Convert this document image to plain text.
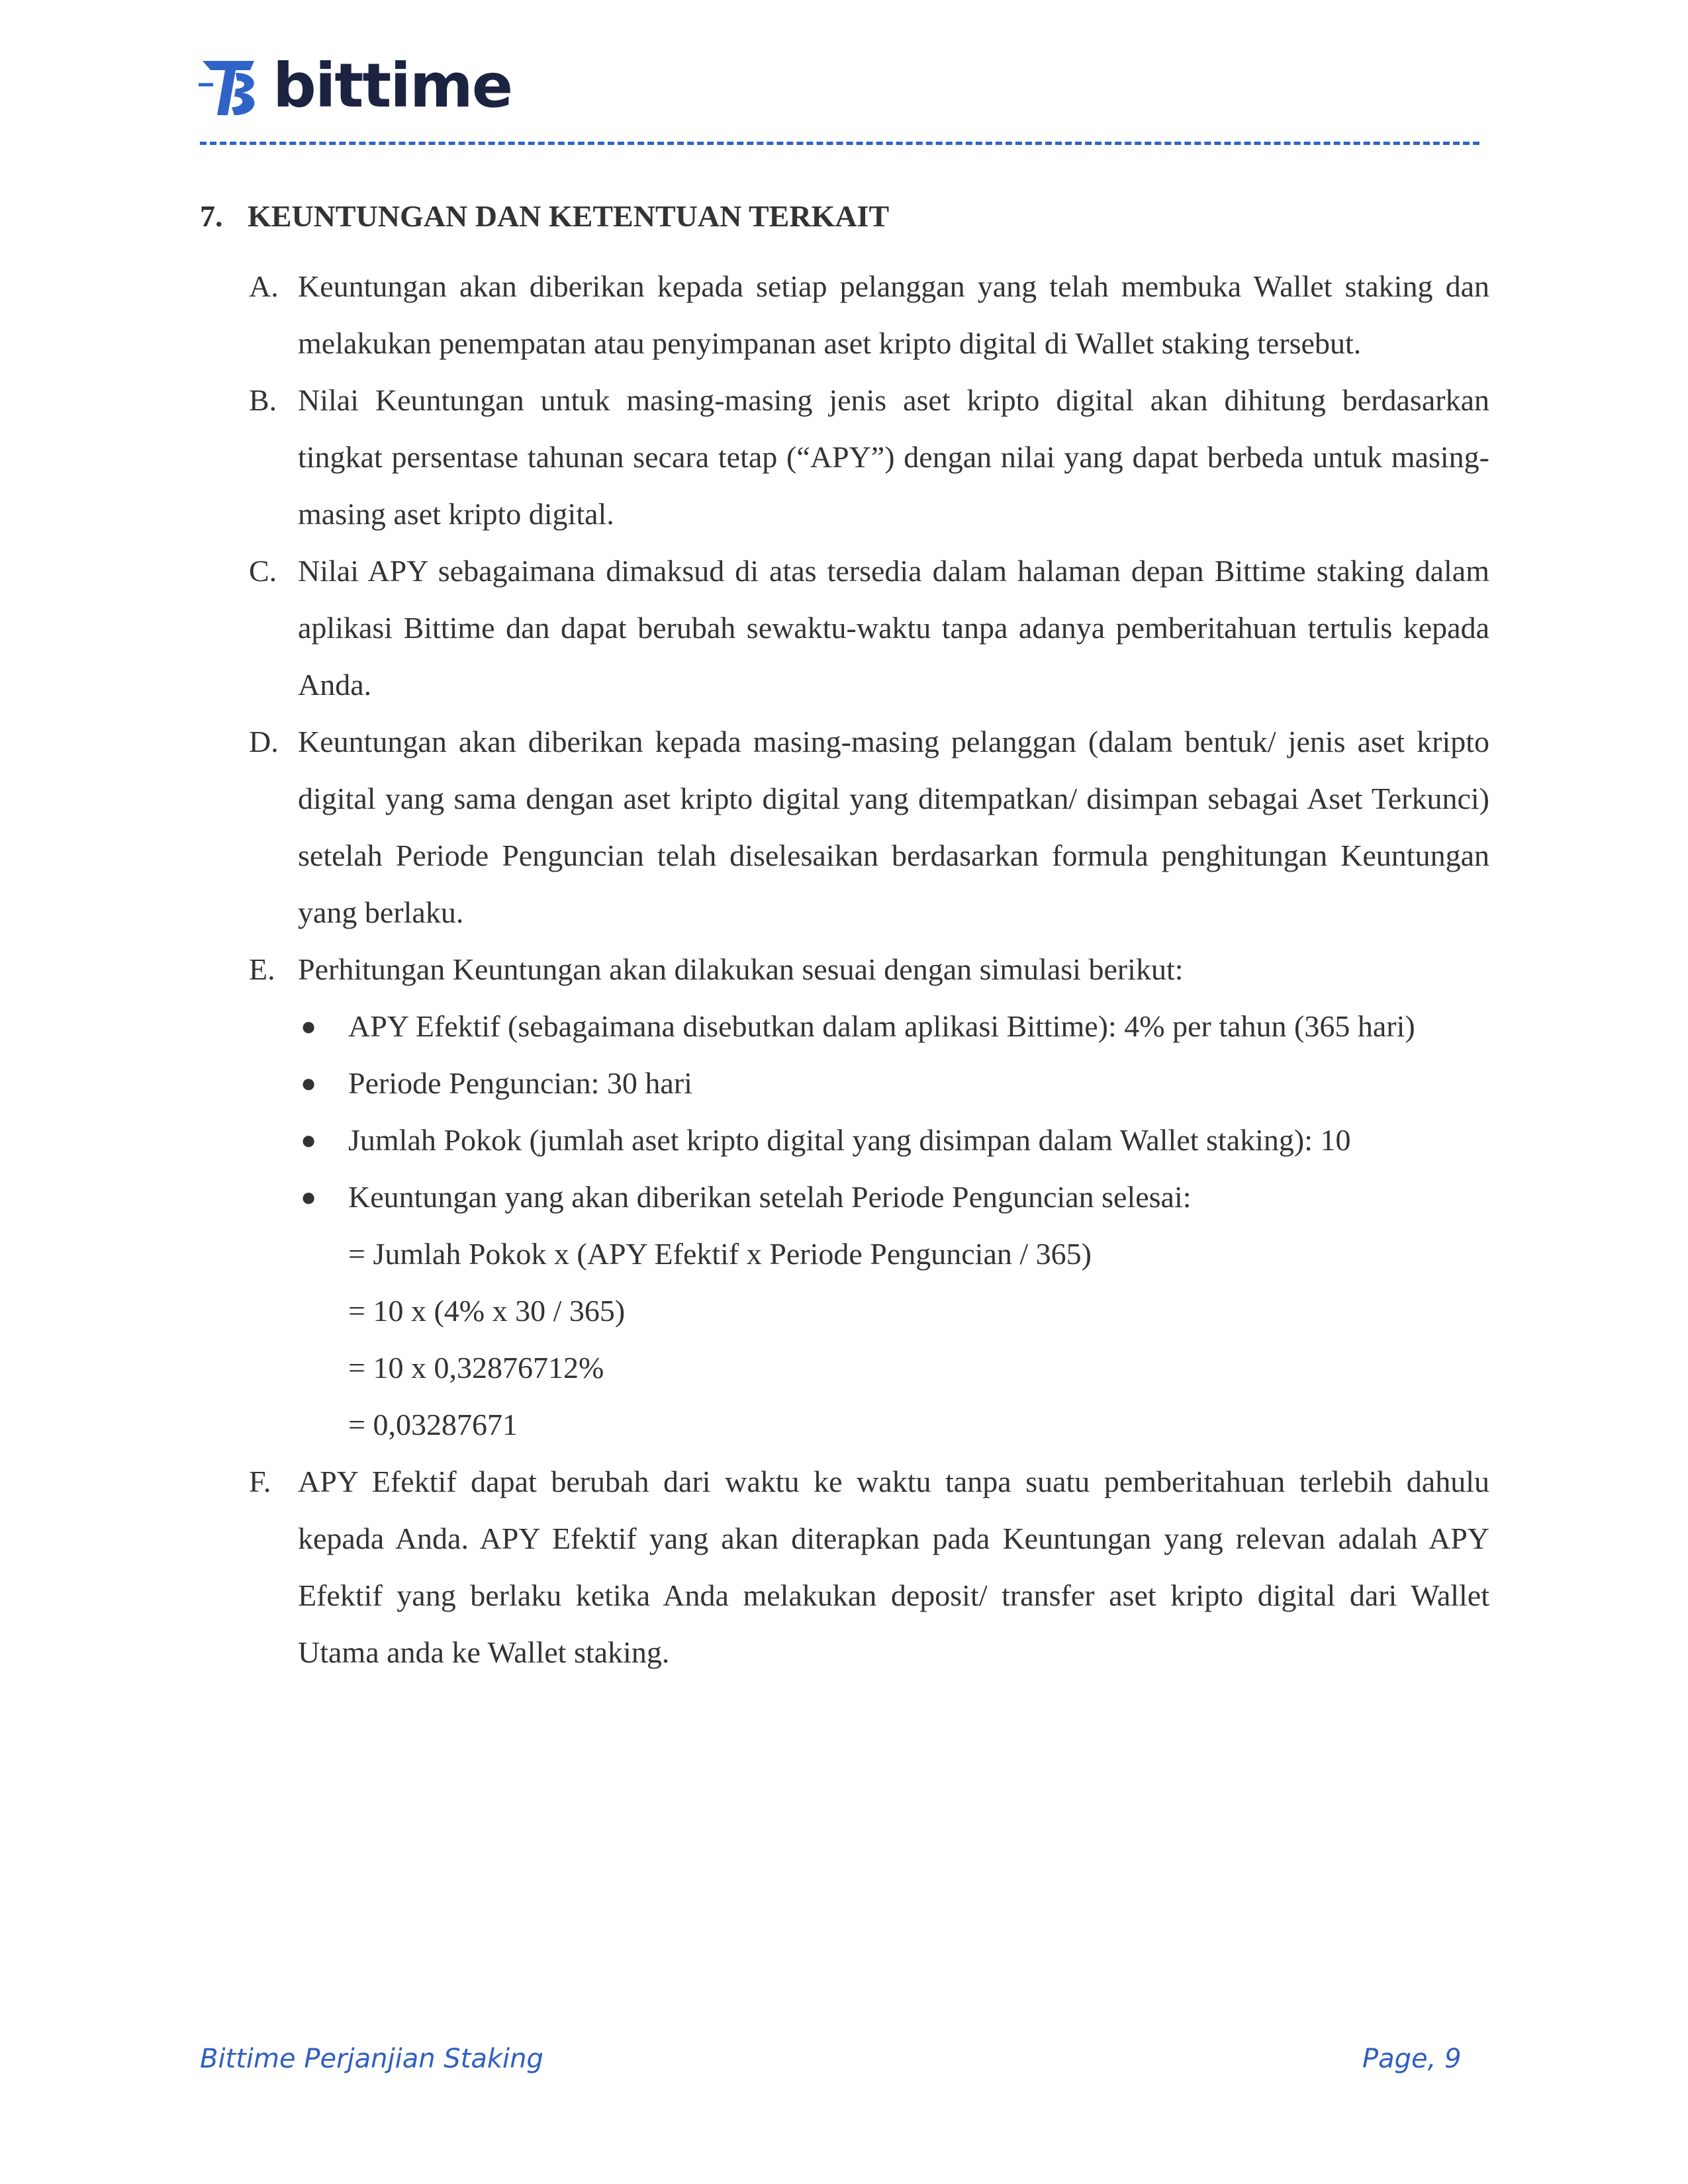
bittime
7. KEUNTUNGAN DAN KETENTUAN TERKAIT
A. Keuntungan akan diberikan kepada setiap pelanggan yang telah membuka Wallet staking dan melakukan penempatan atau penyimpanan aset kripto digital di Wallet staking tersebut.
B. Nilai Keuntungan untuk masing-masing jenis aset kripto digital akan dihitung berdasarkan tingkat persentase tahunan secara tetap (“APY”) dengan nilai yang dapat berbeda untuk masing-masing aset kripto digital.
C. Nilai APY sebagaimana dimaksud di atas tersedia dalam halaman depan Bittime staking dalam aplikasi Bittime dan dapat berubah sewaktu-waktu tanpa adanya pemberitahuan tertulis kepada Anda.
D. Keuntungan akan diberikan kepada masing-masing pelanggan (dalam bentuk/ jenis aset kripto digital yang sama dengan aset kripto digital yang ditempatkan/ disimpan sebagai Aset Terkunci) setelah Periode Penguncian telah diselesaikan berdasarkan formula penghitungan Keuntungan yang berlaku.
E. Perhitungan Keuntungan akan dilakukan sesuai dengan simulasi berikut:
● APY Efektif (sebagaimana disebutkan dalam aplikasi Bittime): 4% per tahun (365 hari)
● Periode Penguncian: 30 hari
● Jumlah Pokok (jumlah aset kripto digital yang disimpan dalam Wallet staking): 10
● Keuntungan yang akan diberikan setelah Periode Penguncian selesai:
= Jumlah Pokok x (APY Efektif x Periode Penguncian / 365)
= 10 x (4% x 30 / 365)
= 10 x 0,32876712%
= 0,03287671
F. APY Efektif dapat berubah dari waktu ke waktu tanpa suatu pemberitahuan terlebih dahulu kepada Anda. APY Efektif yang akan diterapkan pada Keuntungan yang relevan adalah APY Efektif yang berlaku ketika Anda melakukan deposit/ transfer aset kripto digital dari Wallet Utama anda ke Wallet staking.
Bittime Perjanjian Staking	Page, 9
